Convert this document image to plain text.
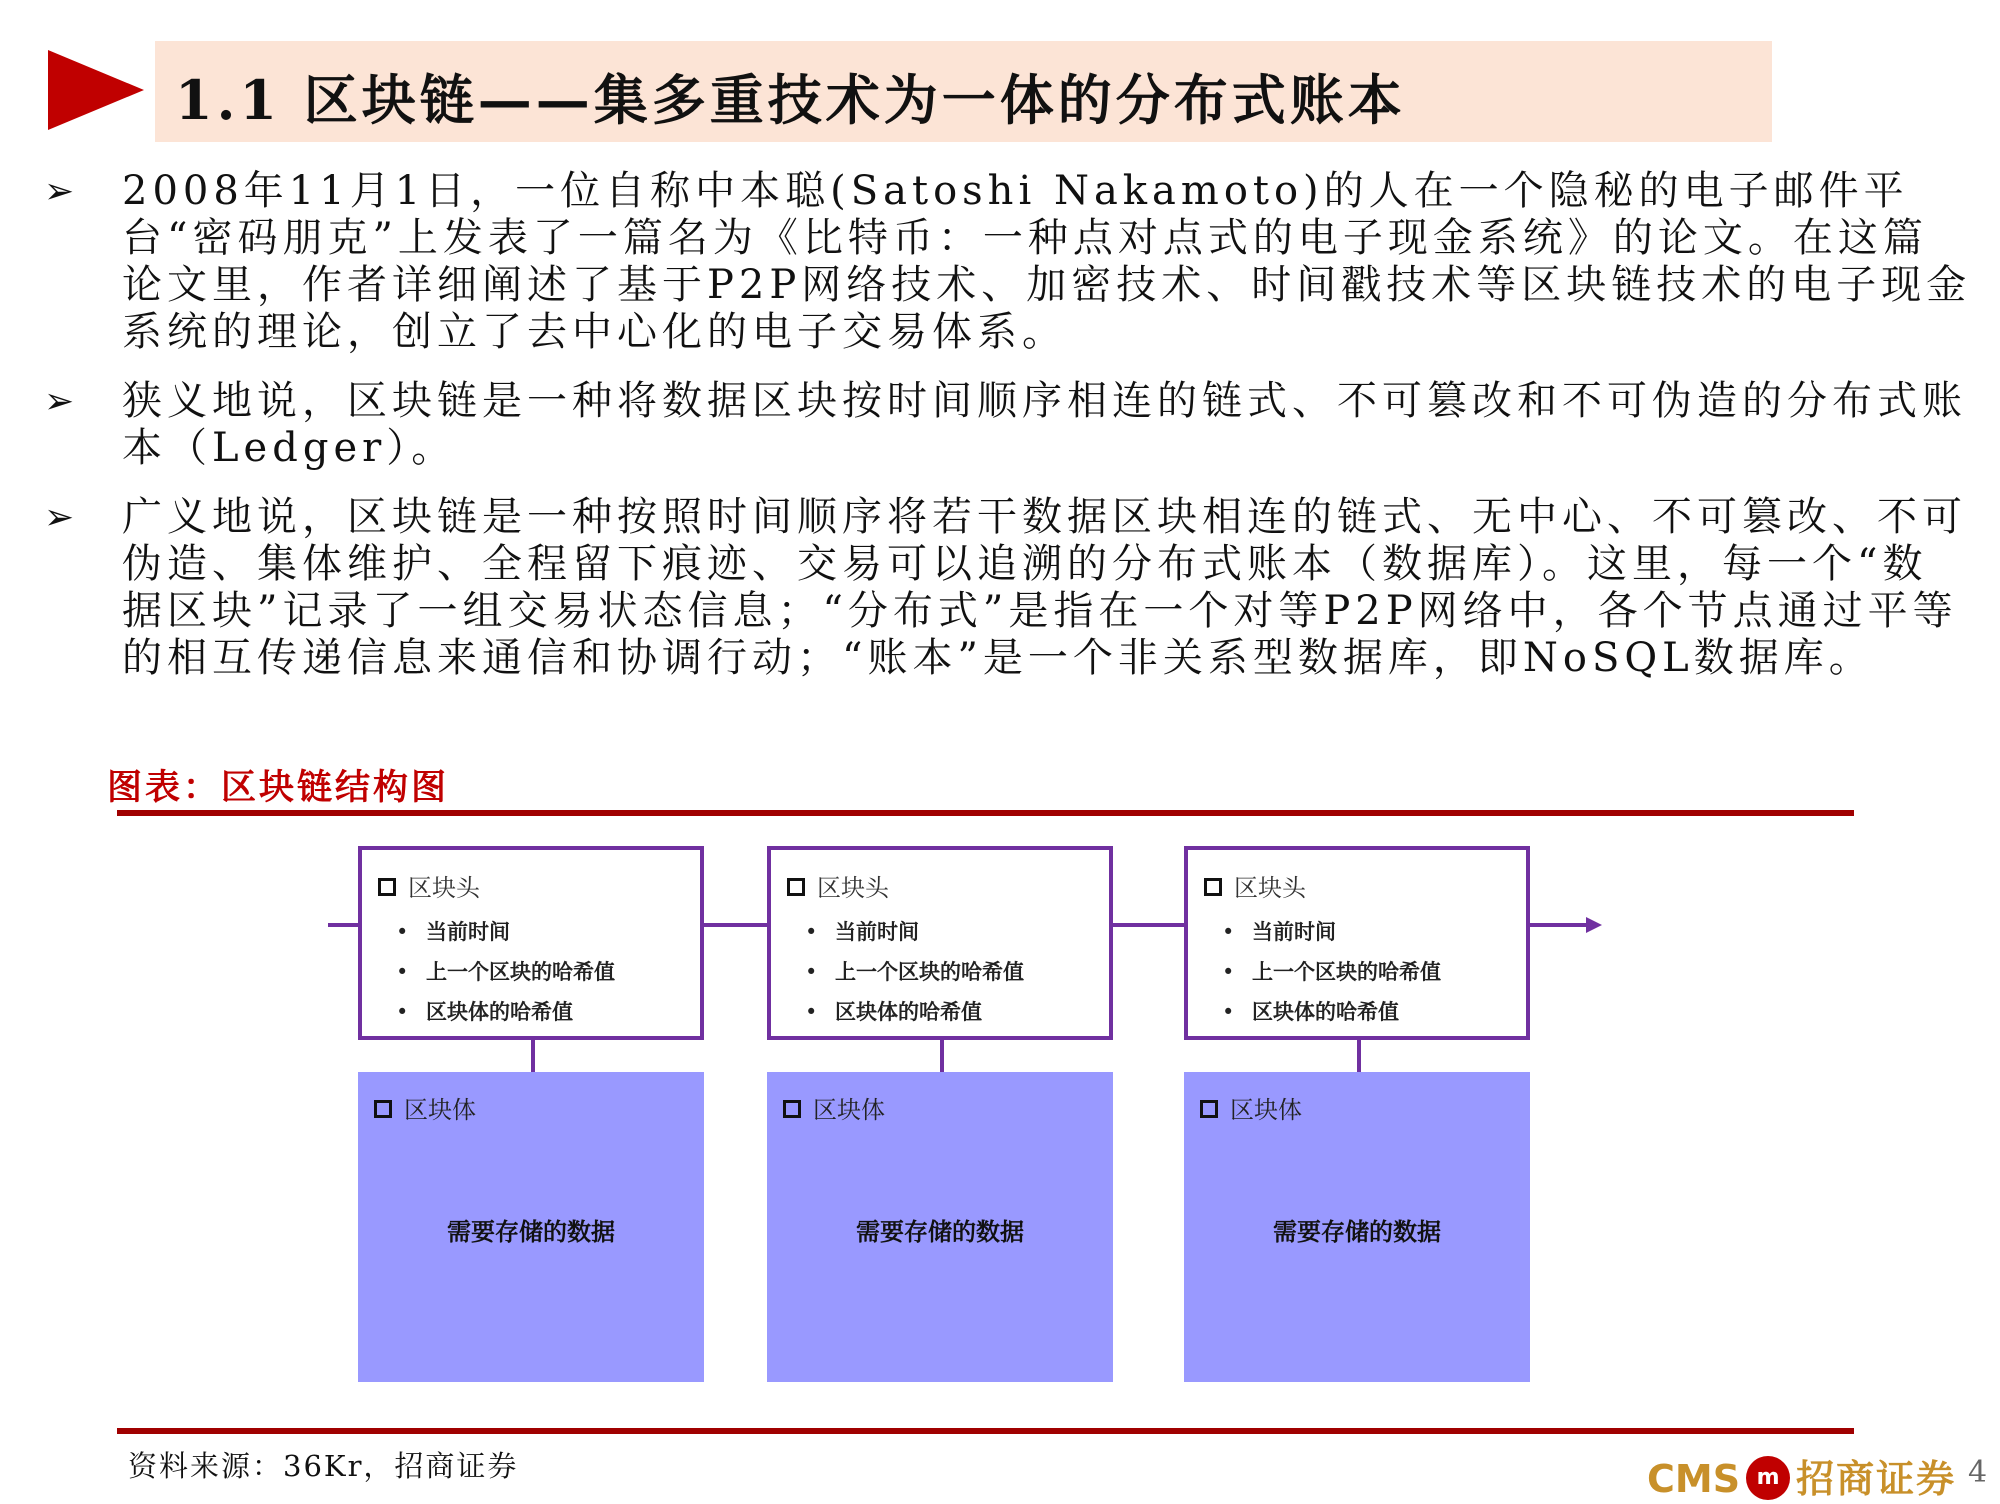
1.1 区块链——集多重技术为一体的分布式账本
➢ 2008年11月1日，一位自称中本聪(Satoshi Nakamoto)的人在一个隐秘的电子邮件平台“密码朋克”上发表了一篇名为《比特币：一种点对点式的电子现金系统》的论文。在这篇论文里，作者详细阐述了基于P2P网络技术、加密技术、时间戳技术等区块链技术的电子现金系统的理论，创立了去中心化的电子交易体系。
➢ 狭义地说，区块链是一种将数据区块按时间顺序相连的链式、不可篡改和不可伪造的分布式账本（Ledger）。
➢ 广义地说，区块链是一种按照时间顺序将若干数据区块相连的链式、无中心、不可篡改、不可伪造、集体维护、全程留下痕迹、交易可以追溯的分布式账本（数据库）。这里，每一个“数据区块”记录了一组交易状态信息；“分布式”是指在一个对等P2P网络中，各个节点通过平等的相互传递信息来通信和协调行动；“账本”是一个非关系型数据库，即NoSQL数据库。
图表：区块链结构图
区块头
• 当前时间
• 上一个区块的哈希值
• 区块体的哈希值
区块体
需要存储的数据
区块头
• 当前时间
• 上一个区块的哈希值
• 区块体的哈希值
区块体
需要存储的数据
区块头
• 当前时间
• 上一个区块的哈希值
• 区块体的哈希值
区块体
需要存储的数据
资料来源：36Kr，招商证券	CMS m 招商证券 4
